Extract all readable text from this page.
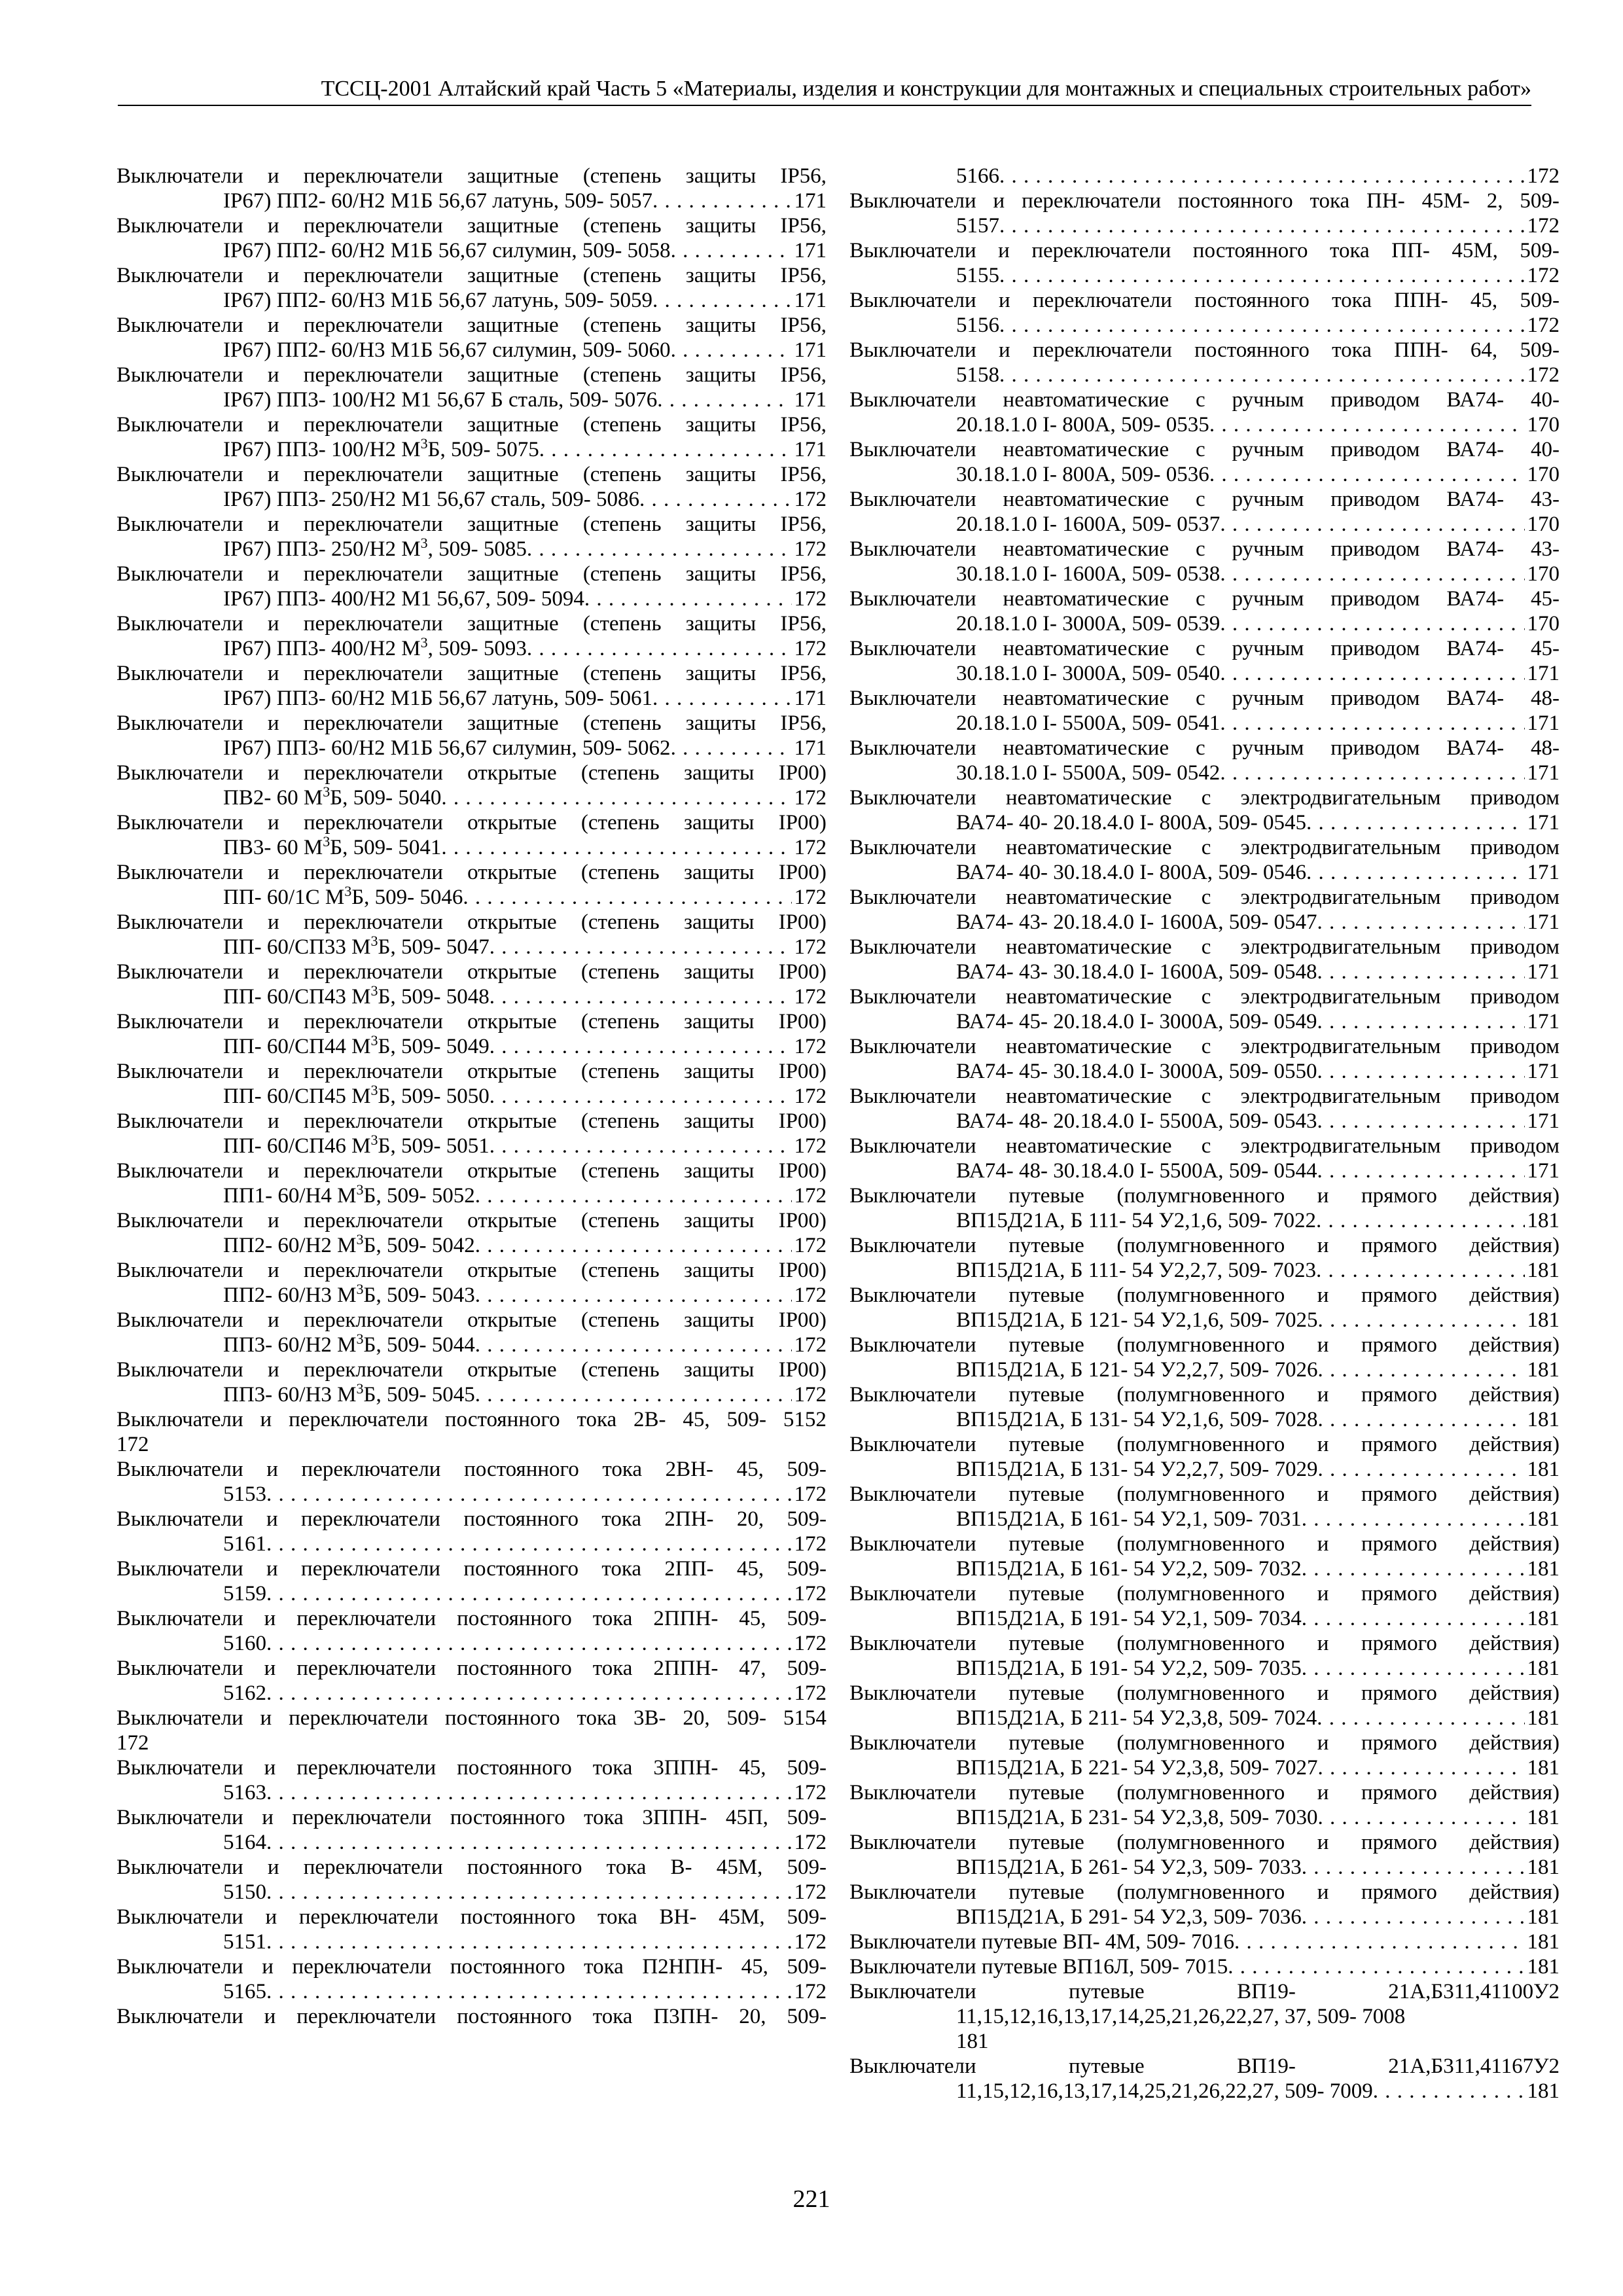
ТССЦ-2001 Алтайский край Часть 5 «Материалы, изделия и конструкции для монтажных и специальных строительных работ»
Выключатели и переключатели защитные (степень защиты IP56,
IP67) ПП2- 60/Н2 М1Б 56,67 латунь, 509- 5057 . . .	171
Выключатели и переключатели защитные (степень защиты IP56,
IP67) ПП2- 60/Н2 М1Б 56,67 силумин, 509- 5058 . . .	171
Выключатели и переключатели защитные (степень защиты IP56,
IP67) ПП2- 60/Н3 М1Б 56,67 латунь, 509- 5059 . . .	171
Выключатели и переключатели защитные (степень защиты IP56,
IP67) ПП2- 60/Н3 М1Б 56,67 силумин, 509- 5060 . . .	171
Выключатели и переключатели защитные (степень защиты IP56,
IP67) ПП3- 100/Н2 М1 56,67 Б сталь, 509- 5076 . . .	171
Выключатели и переключатели защитные (степень защиты IP56,
IP67) ПП3- 100/Н2 $М^3Б$, 509- 5075 . . .	171
Выключатели и переключатели защитные (степень защиты IP56,
IP67) ПП3- 250/Н2 М1 56,67 сталь, 509- 5086 . . .	172
Выключатели и переключатели защитные (степень защиты IP56,
IP67) ПП3- 250/Н2 $М^3$, 509- 5085 . . .	172
Выключатели и переключатели защитные (степень защиты IP56,
IP67) ПП3- 400/Н2 М1 56,67, 509- 5094 . . .	172
Выключатели и переключатели защитные (степень защиты IP56,
IP67) ПП3- 400/Н2 $М^3$, 509- 5093 . . .	172
Выключатели и переключатели защитные (степень защиты IP56,
IP67) ПП3- 60/Н2 М1Б 56,67 латунь, 509- 5061 . . .	171
Выключатели и переключатели защитные (степень защиты IP56,
IP67) ПП3- 60/Н2 М1Б 56,67 силумин, 509- 5062 . . .	171
Выключатели и переключатели открытые (степень защиты IP00)
ПВ2- 60 $М^3Б$, 509- 5040 . . .	172
Выключатели и переключатели открытые (степень защиты IP00)
ПВ3- 60 $М^3Б$, 509- 5041 . . .	172
Выключатели и переключатели открытые (степень защиты IP00)
ПП- 60/1С $М^3Б$, 509- 5046 . . .	172
Выключатели и переключатели открытые (степень защиты IP00)
ПП- 60/СП33 $М^3Б$, 509- 5047 . . .	172
Выключатели и переключатели открытые (степень защиты IP00)
ПП- 60/СП43 $М^3Б$, 509- 5048 . . .	172
Выключатели и переключатели открытые (степень защиты IP00)
ПП- 60/СП44 $М^3Б$, 509- 5049 . . .	172
Выключатели и переключатели открытые (степень защиты IP00)
ПП- 60/СП45 $М^3Б$, 509- 5050 . . .	172
Выключатели и переключатели открытые (степень защиты IP00)
ПП- 60/СП46 $М^3Б$, 509- 5051 . . .	172
Выключатели и переключатели открытые (степень защиты IP00)
ПП1- 60/Н4 $М^3Б$, 509- 5052 . . .	172
Выключатели и переключатели открытые (степень защиты IP00)
ПП2- 60/Н2 $М^3Б$, 509- 5042 . . .	172
Выключатели и переключатели открытые (степень защиты IP00)
ПП2- 60/Н3 $М^3Б$, 509- 5043 . . .	172
Выключатели и переключатели открытые (степень защиты IP00)
ПП3- 60/Н2 $М^3Б$, 509- 5044 . . .	172
Выключатели и переключатели открытые (степень защиты IP00)
ПП3- 60/Н3 $М^3Б$, 509- 5045 . . .	172
Выключатели и переключатели постоянного тока 2В- 45, 509- 5152
172
Выключатели и переключатели постоянного тока 2ВН- 45, 509-
5153 . . .	172
Выключатели и переключатели постоянного тока 2ПН- 20, 509-
5161 . . .	172
Выключатели и переключатели постоянного тока 2ПП- 45, 509-
5159 . . .	172
Выключатели и переключатели постоянного тока 2ППН- 45, 509-
5160 . . .	172
Выключатели и переключатели постоянного тока 2ППН- 47, 509-
5162 . . .	172
Выключатели и переключатели постоянного тока 3В- 20, 509- 5154
172
Выключатели и переключатели постоянного тока 3ППН- 45, 509-
5163 . . .	172
Выключатели и переключатели постоянного тока 3ППН- 45П, 509-
5164 . . .	172
Выключатели и переключатели постоянного тока В- 45М, 509-
5150 . . .	172
Выключатели и переключатели постоянного тока ВН- 45М, 509-
5151 . . .	172
Выключатели и переключатели постоянного тока П2НПН- 45, 509-
5165 . . .	172
Выключатели и переключатели постоянного тока П3ПН- 20, 509-
5166 . . .	172
Выключатели и переключатели постоянного тока ПН- 45М- 2, 509-
5157 . . .	172
Выключатели и переключатели постоянного тока ПП- 45М, 509-
5155 . . .	172
Выключатели и переключатели постоянного тока ППН- 45, 509-
5156 . . .	172
Выключатели и переключатели постоянного тока ППН- 64, 509-
5158 . . .	172
Выключатели неавтоматические с ручным приводом ВА74- 40-
20.18.1.0 I- 800А, 509- 0535 . . .	170
Выключатели неавтоматические с ручным приводом ВА74- 40-
30.18.1.0 I- 800А, 509- 0536 . . .	170
Выключатели неавтоматические с ручным приводом ВА74- 43-
20.18.1.0 I- 1600А, 509- 0537 . . .	170
Выключатели неавтоматические с ручным приводом ВА74- 43-
30.18.1.0 I- 1600А, 509- 0538 . . .	170
Выключатели неавтоматические с ручным приводом ВА74- 45-
20.18.1.0 I- 3000А, 509- 0539 . . .	170
Выключатели неавтоматические с ручным приводом ВА74- 45-
30.18.1.0 I- 3000А, 509- 0540 . . .	171
Выключатели неавтоматические с ручным приводом ВА74- 48-
20.18.1.0 I- 5500А, 509- 0541 . . .	171
Выключатели неавтоматические с ручным приводом ВА74- 48-
30.18.1.0 I- 5500А, 509- 0542 . . .	171
Выключатели неавтоматические с электродвигательным приводом
ВА74- 40- 20.18.4.0 I- 800А, 509- 0545 . . .	171
Выключатели неавтоматические с электродвигательным приводом
ВА74- 40- 30.18.4.0 I- 800А, 509- 0546 . . .	171
Выключатели неавтоматические с электродвигательным приводом
ВА74- 43- 20.18.4.0 I- 1600А, 509- 0547 . . .	171
Выключатели неавтоматические с электродвигательным приводом
ВА74- 43- 30.18.4.0 I- 1600А, 509- 0548 . . .	171
Выключатели неавтоматические с электродвигательным приводом
ВА74- 45- 20.18.4.0 I- 3000А, 509- 0549 . . .	171
Выключатели неавтоматические с электродвигательным приводом
ВА74- 45- 30.18.4.0 I- 3000А, 509- 0550 . . .	171
Выключатели неавтоматические с электродвигательным приводом
ВА74- 48- 20.18.4.0 I- 5500А, 509- 0543 . . .	171
Выключатели неавтоматические с электродвигательным приводом
ВА74- 48- 30.18.4.0 I- 5500А, 509- 0544 . . .	171
Выключатели путевые (полумгновенного и прямого действия)
ВП15Д21А, Б 111- 54 У2,1,6, 509- 7022 . . .	181
Выключатели путевые (полумгновенного и прямого действия)
ВП15Д21А, Б 111- 54 У2,2,7, 509- 7023 . . .	181
Выключатели путевые (полумгновенного и прямого действия)
ВП15Д21А, Б 121- 54 У2,1,6, 509- 7025 . . .	181
Выключатели путевые (полумгновенного и прямого действия)
ВП15Д21А, Б 121- 54 У2,2,7, 509- 7026 . . .	181
Выключатели путевые (полумгновенного и прямого действия)
ВП15Д21А, Б 131- 54 У2,1,6, 509- 7028 . . .	181
Выключатели путевые (полумгновенного и прямого действия)
ВП15Д21А, Б 131- 54 У2,2,7, 509- 7029 . . .	181
Выключатели путевые (полумгновенного и прямого действия)
ВП15Д21А, Б 161- 54 У2,1, 509- 7031 . . .	181
Выключатели путевые (полумгновенного и прямого действия)
ВП15Д21А, Б 161- 54 У2,2, 509- 7032 . . .	181
Выключатели путевые (полумгновенного и прямого действия)
ВП15Д21А, Б 191- 54 У2,1, 509- 7034 . . .	181
Выключатели путевые (полумгновенного и прямого действия)
ВП15Д21А, Б 191- 54 У2,2, 509- 7035 . . .	181
Выключатели путевые (полумгновенного и прямого действия)
ВП15Д21А, Б 211- 54 У2,3,8, 509- 7024 . . .	181
Выключатели путевые (полумгновенного и прямого действия)
ВП15Д21А, Б 221- 54 У2,3,8, 509- 7027 . . .	181
Выключатели путевые (полумгновенного и прямого действия)
ВП15Д21А, Б 231- 54 У2,3,8, 509- 7030 . . .	181
Выключатели путевые (полумгновенного и прямого действия)
ВП15Д21А, Б 261- 54 У2,3, 509- 7033 . . .	181
Выключатели путевые (полумгновенного и прямого действия)
ВП15Д21А, Б 291- 54 У2,3, 509- 7036 . . .	181
Выключатели путевые ВП- 4М, 509- 7016 . . .	181
Выключатели путевые ВП16Л, 509- 7015 . . .	181
Выключатели	путевые	ВП19-	21А,Б311,41100У2
11,15,12,16,13,17,14,25,21,26,22,27, 37, 509- 7008
181
Выключатели	путевые	ВП19-	21А,Б311,41167У2
11,15,12,16,13,17,14,25,21,26,22,27, 509- 7009 . . .	181
221
